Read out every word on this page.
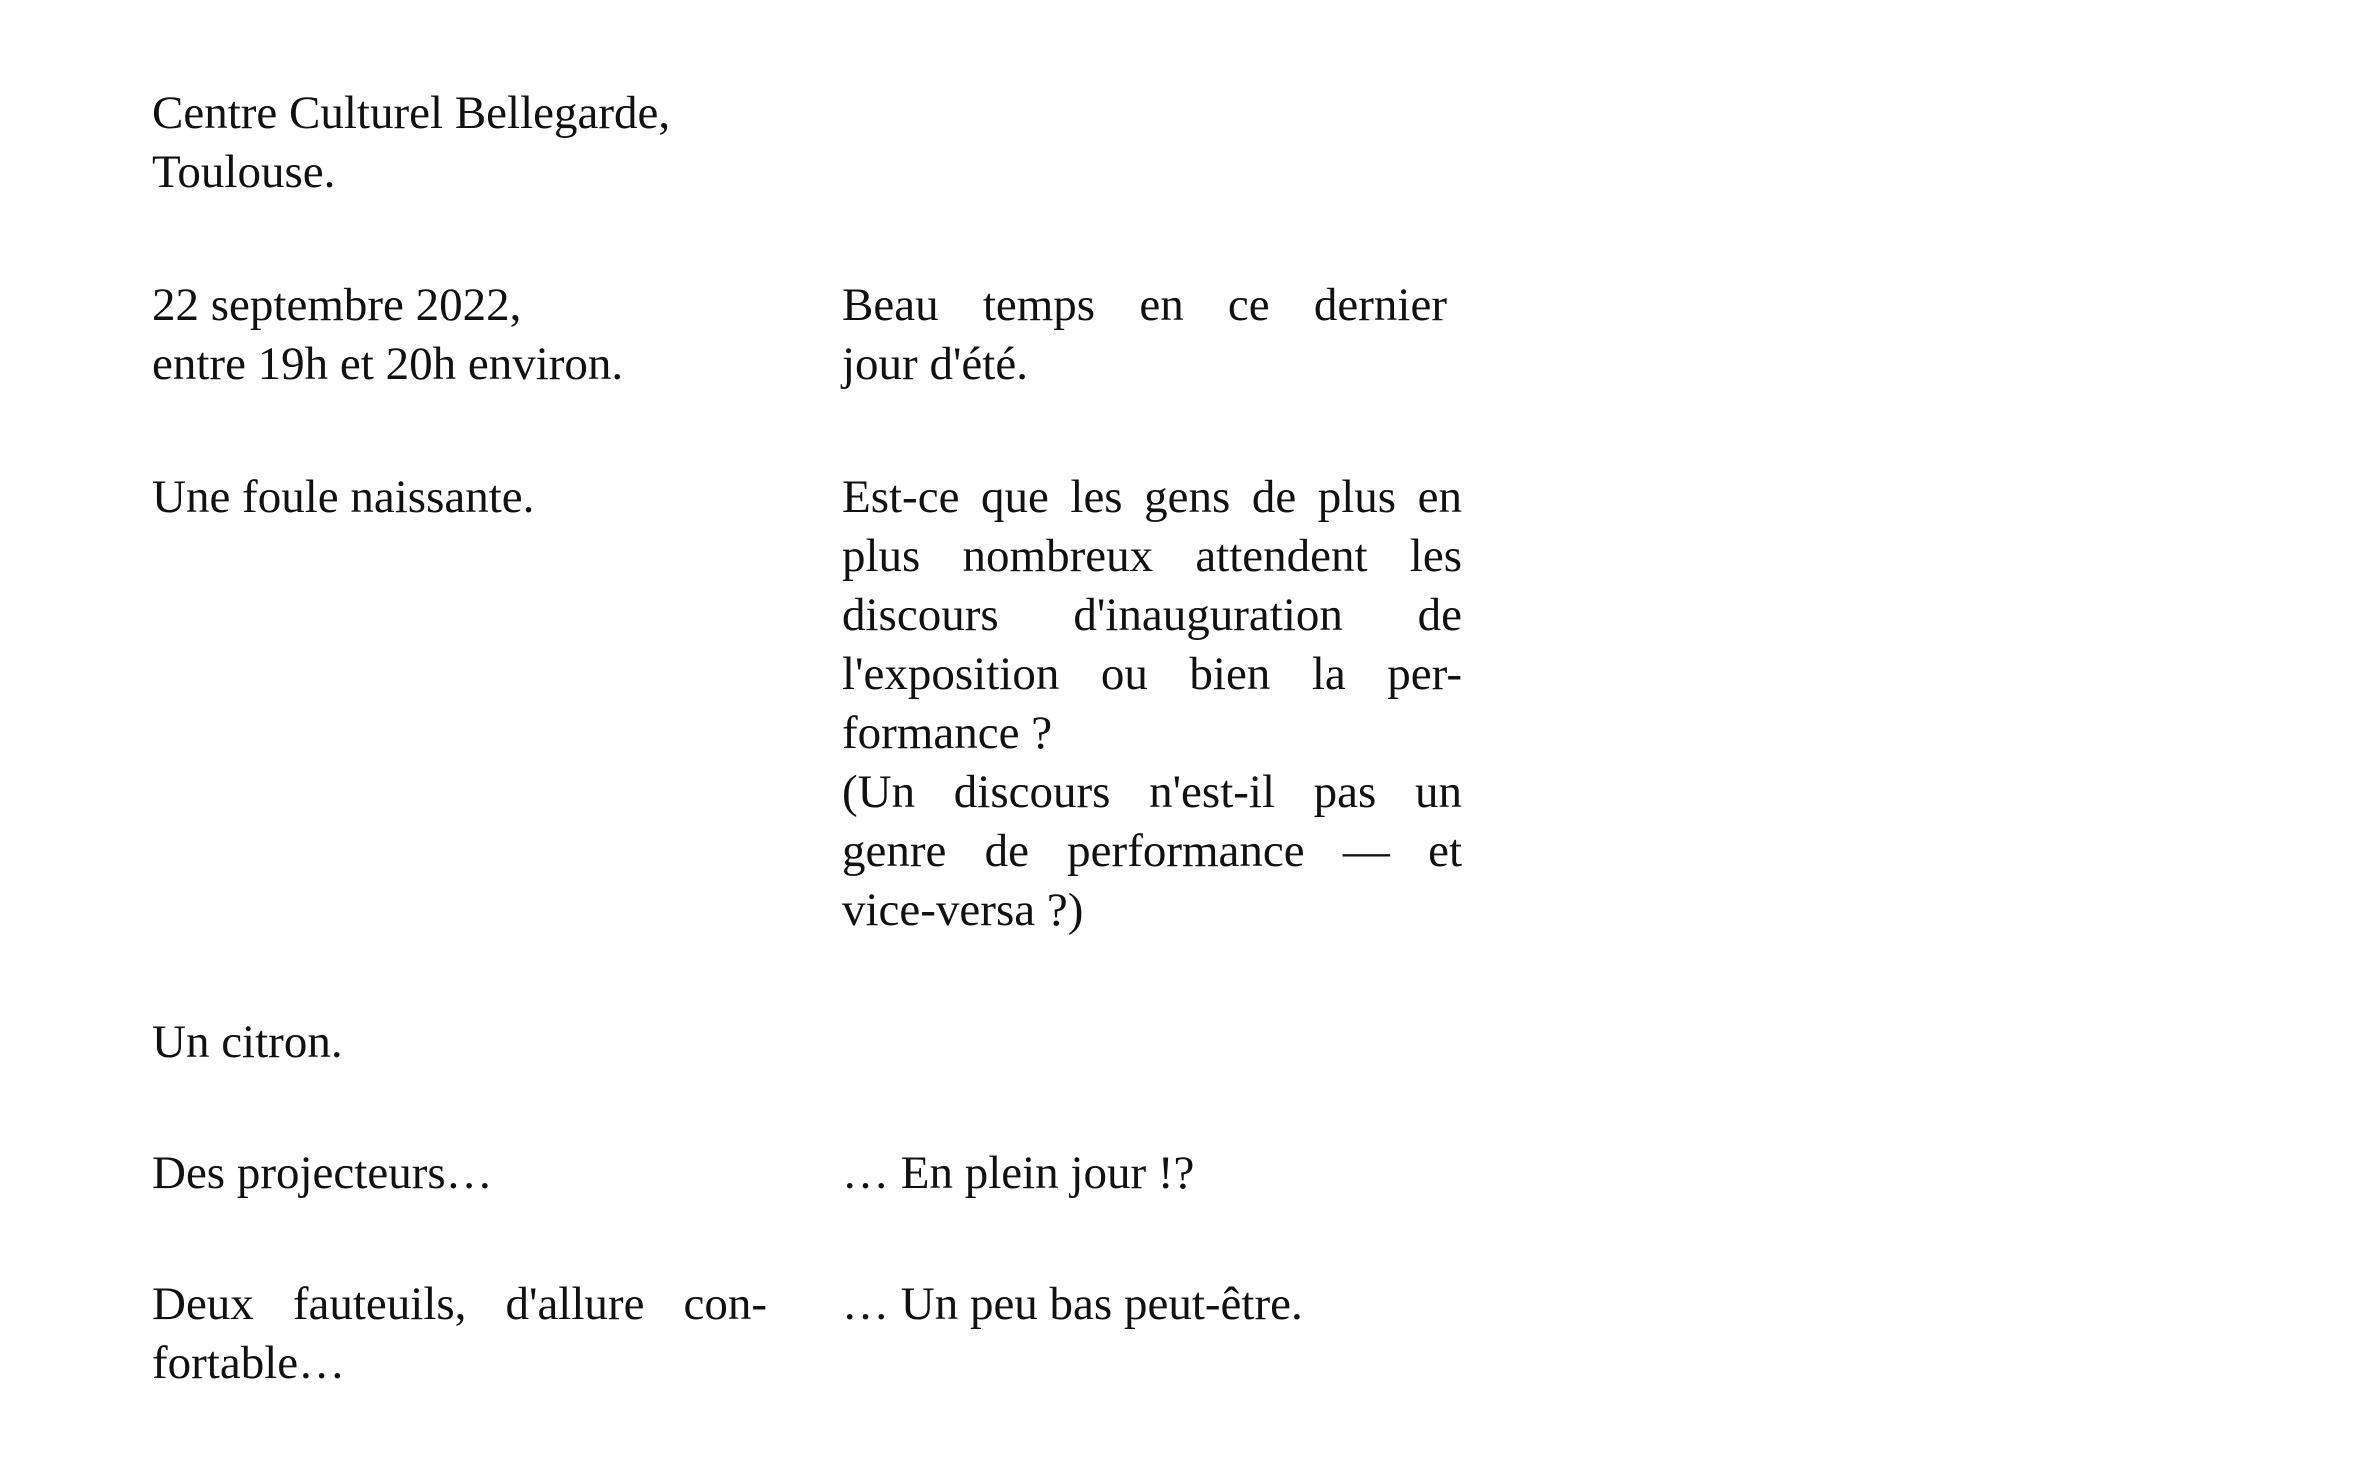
Centre Culturel Bellegarde,
Toulouse.
22 septembre 2022,
entre 19h et 20h environ.
Beau temps en ce dernier
jour d'été.
Une foule naissante.	Est-ce que les gens de plus en
plus nombreux attendent les
discours d'inauguration de
l'exposition ou bien la per-
formance ?
(Un discours n'est-il pas un
genre de performance — et
vice-versa ?)
Un citron.
Des projecteurs…	… En plein jour !?
Deux fauteuils, d'allure con-
fortable…
… Un peu bas peut-être.
